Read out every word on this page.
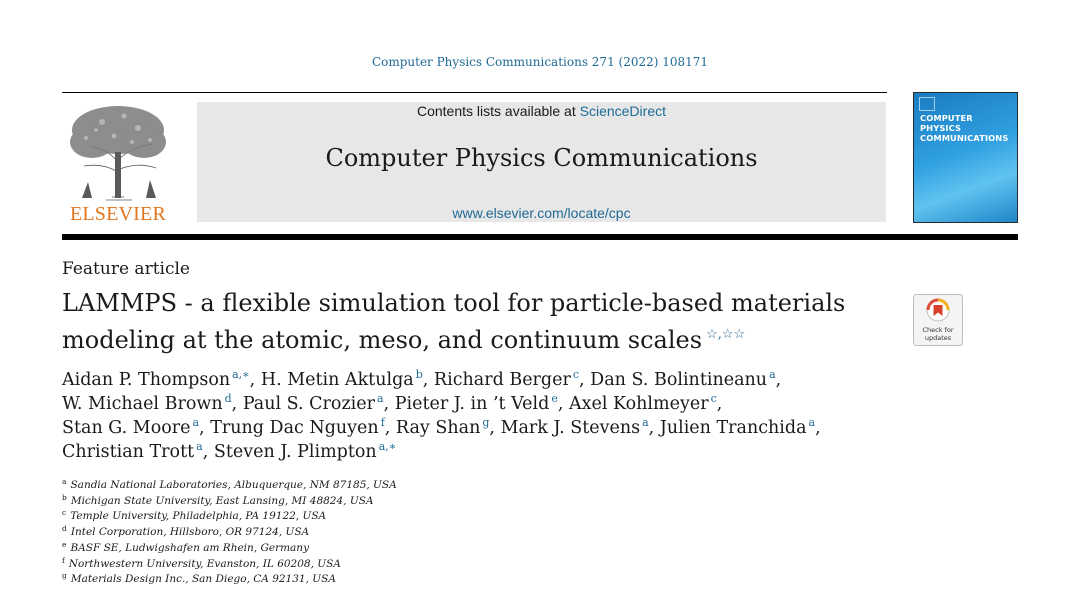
Computer Physics Communications 271 (2022) 108171
ELSEVIER
Contents lists available at ScienceDirect
Computer Physics Communications
www.elsevier.com/locate/cpc
COMPUTER PHYSICS
COMMUNICATIONS
Feature article
LAMMPS - a flexible simulation tool for particle-based materials
modeling at the atomic, meso, and continuum scales ☆,☆☆	Check for
updates
Aidan P. Thompson $^{a,∗}$, H. Metin Aktulga $^b$, Richard Berger $^c$, Dan S. Bolintineanu $^a$,
W. Michael Brown $^d$, Paul S. Crozier $^a$, Pieter J. in ’t Veld $^e$, Axel Kohlmeyer $^c$,
Stan G. Moore $^a$, Trung Dac Nguyen $^f$, Ray Shan $^g$, Mark J. Stevens $^a$, Julien Tranchida $^a$,
Christian Trott $^a$, Steven J. Plimpton $^{a,∗}$
$^a$ Sandia National Laboratories, Albuquerque, NM 87185, USA
$^b$ Michigan State University, East Lansing, MI 48824, USA
$^c$ Temple University, Philadelphia, PA 19122, USA
$^d$ Intel Corporation, Hillsboro, OR 97124, USA
$^e$ BASF SE, Ludwigshafen am Rhein, Germany
$^f$ Northwestern University, Evanston, IL 60208, USA
$^g$ Materials Design Inc., San Diego, CA 92131, USA
